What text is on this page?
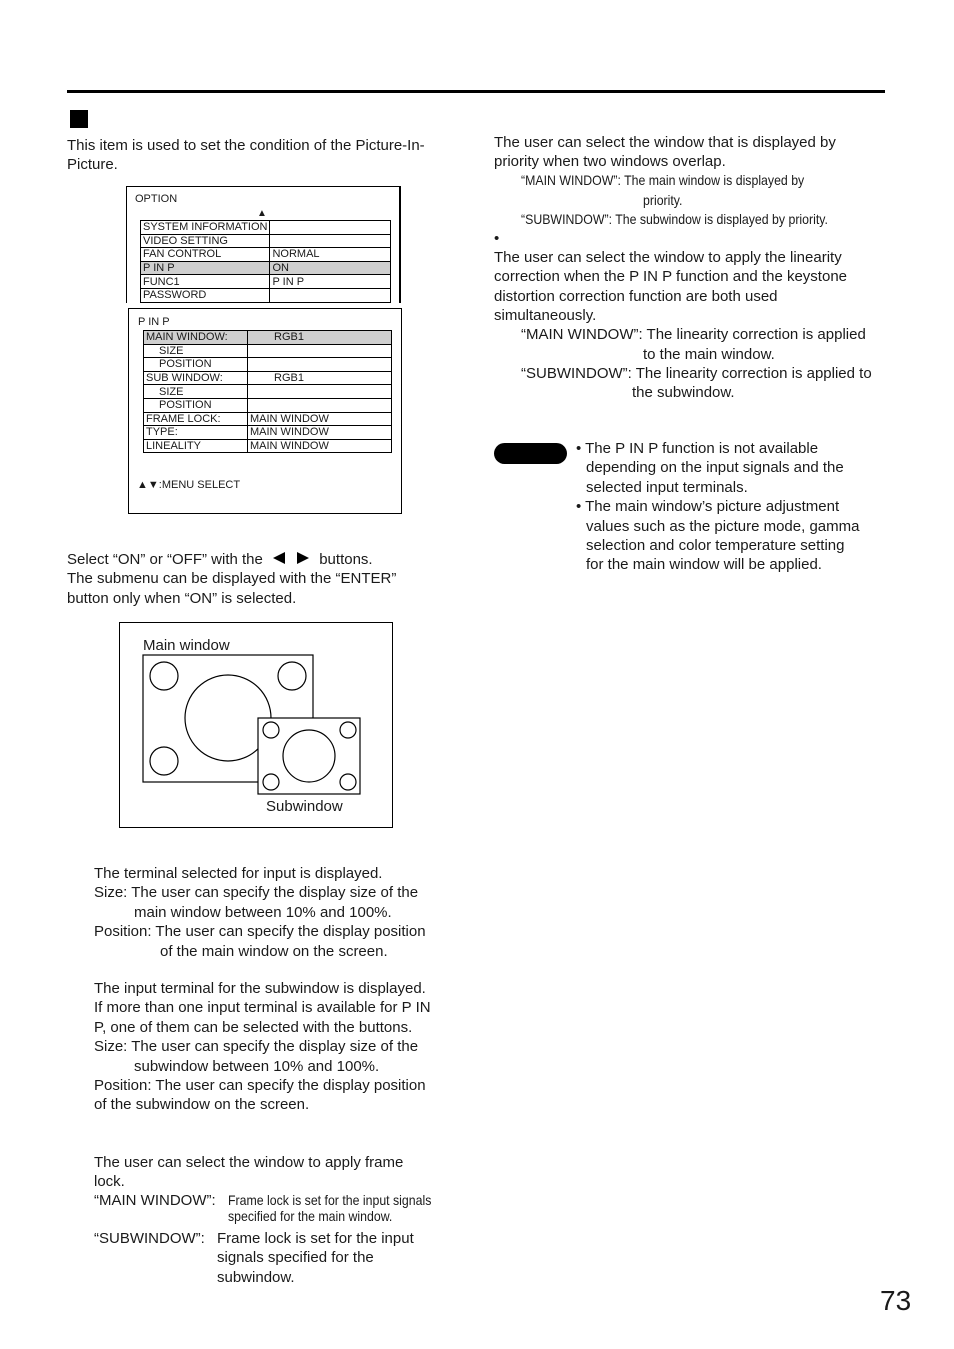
This item is used to set the condition of the Picture-In-
Picture.
OPTION
▲
SYSTEM INFORMATION	
VIDEO SETTING	
FAN CONTROL	NORMAL
P IN P	ON
FUNC1	P IN P
PASSWORD	
P IN P
MAIN WINDOW:	RGB1
SIZE	
POSITION	
SUB WINDOW:	RGB1
SIZE	
POSITION	
FRAME LOCK:	MAIN WINDOW
TYPE:	MAIN WINDOW
LINEALITY	MAIN WINDOW
▲▼:MENU SELECT
Select “ON” or “OFF” with the	buttons.
The submenu can be displayed with the “ENTER”
button only when “ON” is selected.
Main window
Subwindow
The terminal selected for input is displayed.
Size: The user can specify the display size of the
main window between 10% and 100%.
Position: The user can specify the display position
of the main window on the screen.
The input terminal for the subwindow is displayed.
If more than one input terminal is available for P IN
P, one of them can be selected with the buttons.
Size: The user can specify the display size of the
subwindow between 10% and 100%.
Position: The user can specify the display position
of the subwindow on the screen.
The user can select the window to apply frame
lock.
“MAIN WINDOW”: Frame lock is set for the input signals
specified for the main window.
“SUBWINDOW”: Frame lock is set for the input
signals specified for the
subwindow.
The user can select the window that is displayed by
priority when two windows overlap.
“MAIN WINDOW”: The main window is displayed by
priority.
“SUBWINDOW”: The subwindow is displayed by priority.
•
The user can select the window to apply the linearity
correction when the P IN P function and the keystone
distortion correction function are both used
simultaneously.
“MAIN WINDOW”: The linearity correction is applied
to the main window.
“SUBWINDOW”: The linearity correction is applied to
the subwindow.
• The P IN P function is not available
depending on the input signals and the
selected input terminals.
• The main window’s picture adjustment
values such as the picture mode, gamma
selection and color temperature setting
for the main window will be applied.
73
